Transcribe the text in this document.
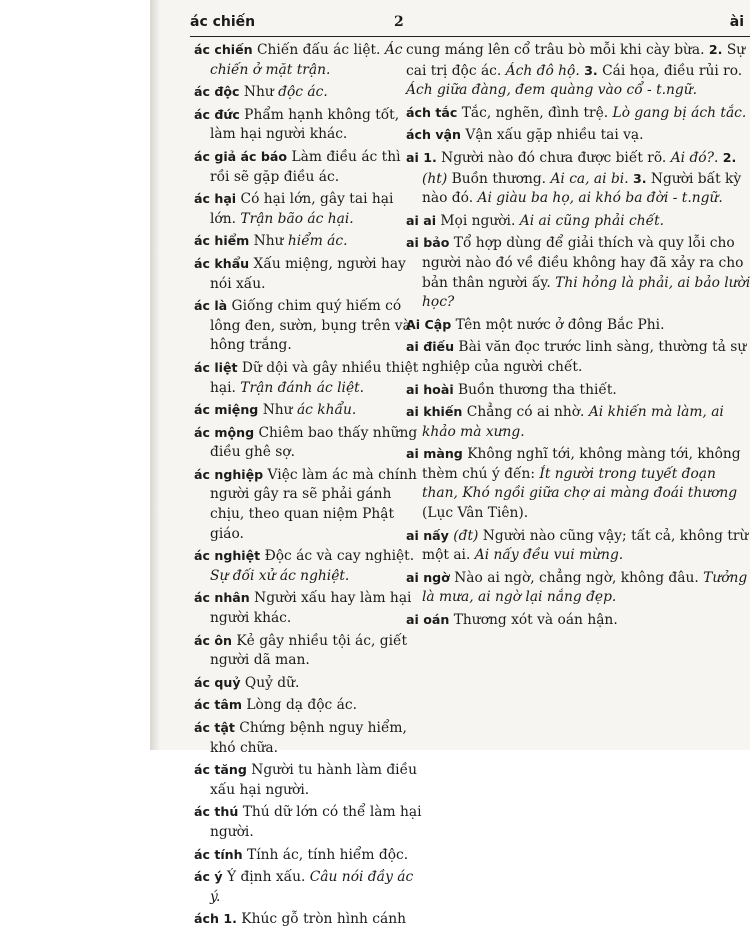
ác chiến	2	ài
ác chiến Chiến đấu ác liệt. Ác chiến ở mặt trận.
ác độc Như độc ác.
ác đức Phẩm hạnh không tốt, làm hại người khác.
ác giả ác báo Làm điều ác thì rồi sẽ gặp điều ác.
ác hại Có hại lớn, gây tai hại lớn. Trận bão ác hại.
ác hiểm Như hiểm ác.
ác khẩu Xấu miệng, người hay nói xấu.
ác là Giống chim quý hiếm có lông đen, sườn, bụng trên và hông trắng.
ác liệt Dữ dội và gây nhiều thiệt hại. Trận đánh ác liệt.
ác miệng Như ác khẩu.
ác mộng Chiêm bao thấy những điều ghê sợ.
ác nghiệp Việc làm ác mà chính người gây ra sẽ phải gánh chịu, theo quan niệm Phật giáo.
ác nghiệt Độc ác và cay nghiệt. Sự đối xử ác nghiệt.
ác nhân Người xấu hay làm hại người khác.
ác ôn Kẻ gây nhiều tội ác, giết người dã man.
ác quỷ Quỷ dữ.
ác tâm Lòng dạ độc ác.
ác tật Chứng bệnh nguy hiểm, khó chữa.
ác tăng Người tu hành làm điều xấu hại người.
ác thú Thú dữ lớn có thể làm hại người.
ác tính Tính ác, tính hiểm độc.
ác ý Ý định xấu. Câu nói đầy ác ý.
ách 1. Khúc gỗ tròn hình cánh
cung máng lên cổ trâu bò mỗi khi cày bừa. 2. Sự cai trị độc ác. Ách đô hộ. 3. Cái họa, điều rủi ro. Ách giữa đàng, đem quàng vào cổ - t.ngữ.
ách tắc Tắc, nghẽn, đình trệ. Lò gang bị ách tắc.
ách vận Vận xấu gặp nhiều tai vạ.
ai 1. Người nào đó chưa được biết rõ. Ai đó?. 2. (ht) Buồn thương. Ai ca, ai bi. 3. Người bất kỳ nào đó. Ai giàu ba họ, ai khó ba đời - t.ngữ.
ai ai Mọi người. Ai ai cũng phải chết.
ai bảo Tổ hợp dùng để giải thích và quy lỗi cho người nào đó về điều không hay đã xảy ra cho bản thân người ấy. Thi hỏng là phải, ai bảo lười học?
Ai Cập Tên một nước ở đông Bắc Phi.
ai điếu Bài văn đọc trước linh sàng, thường tả sự nghiệp của người chết.
ai hoài Buồn thương tha thiết.
ai khiến Chẳng có ai nhờ. Ai khiến mà làm, ai khảo mà xưng.
ai màng Không nghĩ tới, không màng tới, không thèm chú ý đến: Ít người trong tuyết đoạn than, Khó ngồi giữa chợ ai màng đoái thương (Lục Vân Tiên).
ai nấy (đt) Người nào cũng vậy; tất cả, không trừ một ai. Ai nấy đều vui mừng.
ai ngờ Nào ai ngờ, chẳng ngờ, không đâu. Tưởng là mưa, ai ngờ lại nắng đẹp.
ai oán Thương xót và oán hận.
